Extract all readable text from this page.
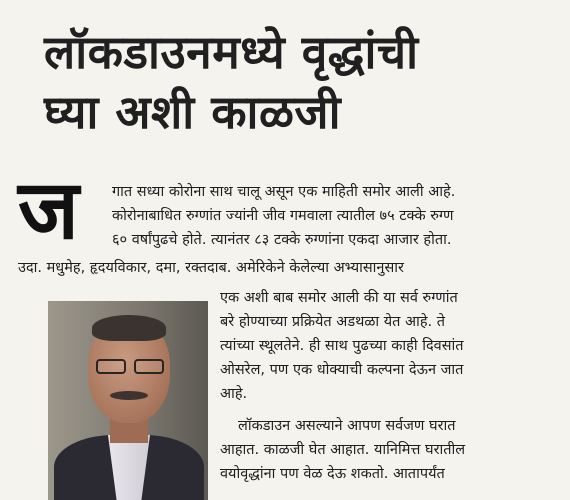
लॉकडाउनमध्ये वृद्धांची
घ्या अशी काळजी
ज गात सध्या कोरोना साथ चालू असून एक माहिती समोर आली आहे.
कोरोनाबाधित रुग्णांत ज्यांनी जीव गमवाला त्यातील ७५ टक्के रुग्ण
६० वर्षांपुढचे होते. त्यानंतर ८३ टक्के रुग्णांना एकदा आजार होता.
उदा. मधुमेह, हृदयविकार, दमा, रक्तदाब. अमेरिकेने केलेल्या अभ्यासानुसार
एक अशी बाब समोर आली की या सर्व रुग्णांत
बरे होण्याच्या प्रक्रियेत अडथळा येत आहे. ते
त्यांच्या स्थूलतेने. ही साथ पुढच्या काही दिवसांत
ओसरेल, पण एक धोक्याची कल्पना देऊन जात
आहे.
लॉकडाउन असल्याने आपण सर्वजण घरात
आहात. काळजी घेत आहात. यानिमित्त घरातील
वयोवृद्धांना पण वेळ देऊ शकतो. आतापर्यंत
